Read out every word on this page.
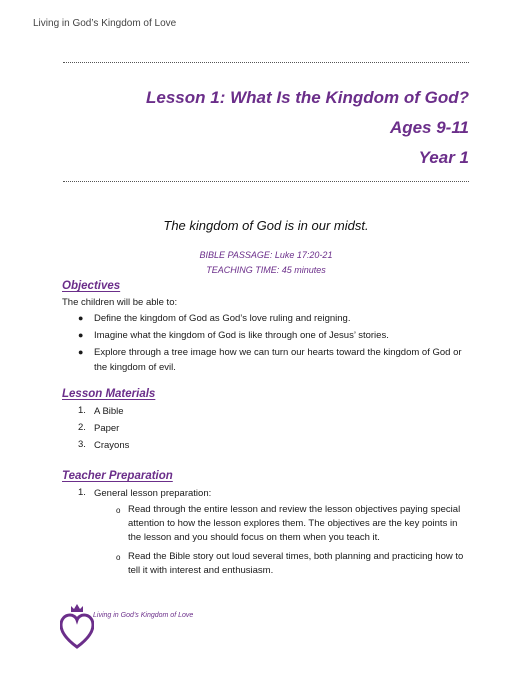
Living in God’s Kingdom of Love
Lesson 1: What Is the Kingdom of God?
Ages 9-11
Year 1
The kingdom of God is in our midst.
BIBLE PASSAGE: Luke 17:20-21
TEACHING TIME: 45 minutes
Objectives
The children will be able to:
● Define the kingdom of God as God’s love ruling and reigning.
● Imagine what the kingdom of God is like through one of Jesus’ stories.
● Explore through a tree image how we can turn our hearts toward the kingdom of God or
the kingdom of evil.
Lesson Materials
1. A Bible
2. Paper
3. Crayons
Teacher Preparation
1. General lesson preparation:
o Read through the entire lesson and review the lesson objectives paying special
attention to how the lesson explores them. The objectives are the key points in
the lesson and you should focus on them when you teach it.
o Read the Bible story out loud several times, both planning and practicing how to
tell it with interest and enthusiasm.
Living in God’s Kingdom of Love
